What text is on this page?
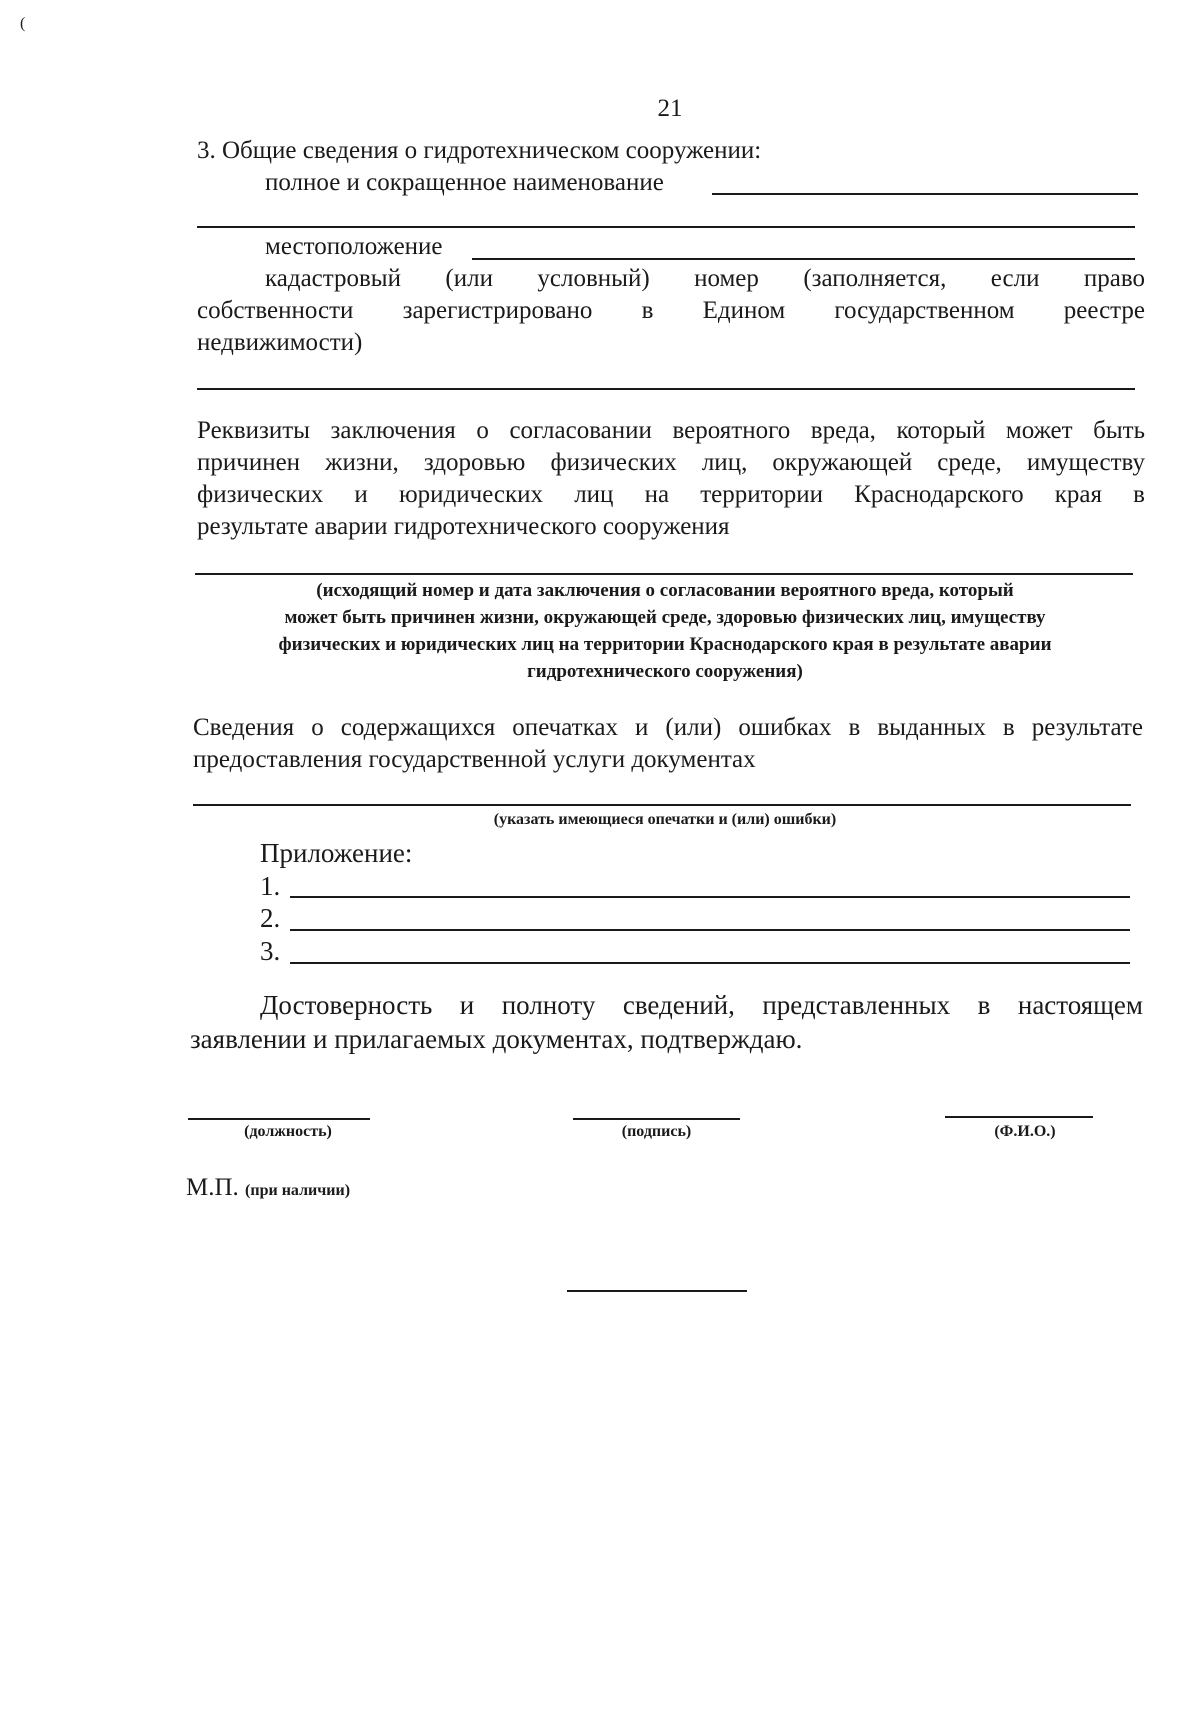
(
21
3. Общие сведения о гидротехническом сооружении:
полное и сокращенное наименование
местоположение
кадастровый (или условный) номер (заполняется, если право
собственности зарегистрировано в Едином государственном реестре
недвижимости)
Реквизиты заключения о согласовании вероятного вреда, который может быть
причинен жизни, здоровью физических лиц, окружающей среде, имуществу
физических и юридических лиц на территории Краснодарского края в
результате аварии гидротехнического сооружения
(исходящий номер и дата заключения о согласовании вероятного вреда, который
может быть причинен жизни, окружающей среде, здоровью физических лиц, имуществу
физических и юридических лиц на территории Краснодарского края в результате аварии
гидротехнического сооружения)
Сведения о содержащихся опечатках и (или) ошибках в выданных в результате
предоставления государственной услуги документах
(указать имеющиеся опечатки и (или) ошибки)
Приложение:
1.
2.
3.
Достоверность и полноту сведений, представленных в настоящем
заявлении и прилагаемых документах, подтверждаю.
(должность)	(подпись)	(Ф.И.О.)
М.П. (при наличии)
